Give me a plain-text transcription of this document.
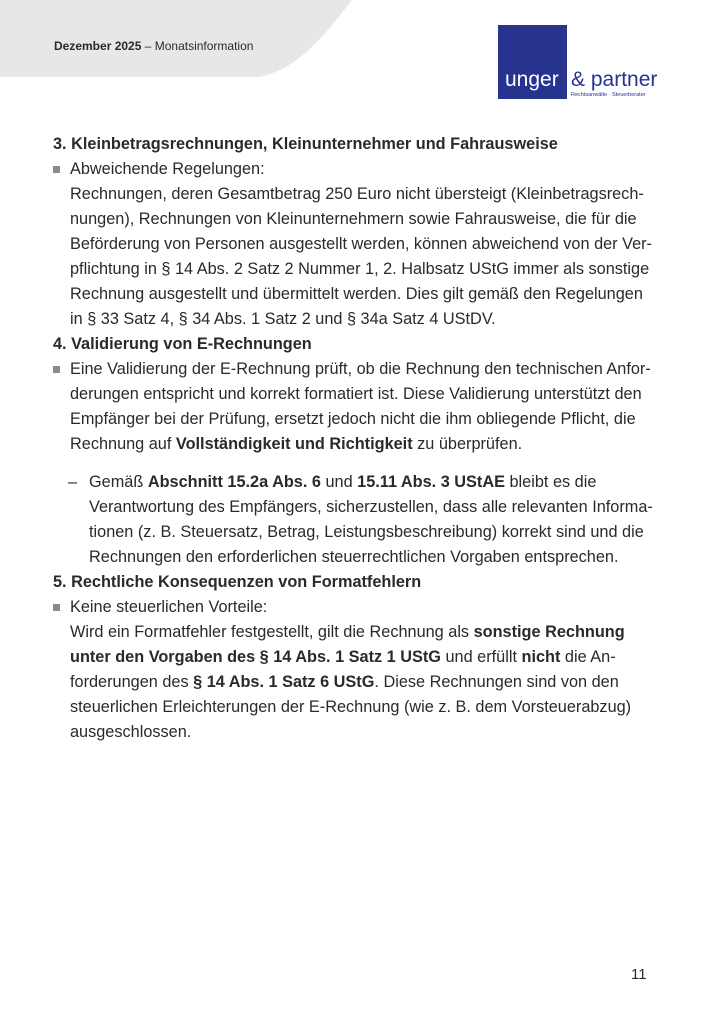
Dezember 2025 – Monatsinformation
unger & partner
Rechtsanwälte · Steuerberater
3. Kleinbetragsrechnungen, Kleinunternehmer und Fahrausweise

Abweichende Regelungen:

Rechnungen, deren Gesamtbetrag 250 Euro nicht übersteigt (Kleinbetragsrech-

nungen), Rechnungen von Kleinunternehmern sowie Fahrausweise, die für die

Beförderung von Personen ausgestellt werden, können abweichend von der Ver-

pflichtung in § 14 Abs. 2 Satz 2 Nummer 1, 2. Halbsatz UStG immer als sonstige

Rechnung ausgestellt und übermittelt werden. Dies gilt gemäß den Regelungen

in § 33 Satz 4, § 34 Abs. 1 Satz 2 und § 34a Satz 4 UStDV.

4. Validierung von E-Rechnungen

Eine Validierung der E-Rechnung prüft, ob die Rechnung den technischen Anfor-

derungen entspricht und korrekt formatiert ist. Diese Validierung unterstützt den

Empfänger bei der Prüfung, ersetzt jedoch nicht die ihm obliegende Pflicht, die

Rechnung auf Vollständigkeit und Richtigkeit zu überprüfen.

– Gemäß Abschnitt 15.2a Abs. 6 und 15.11 Abs. 3 UStAE bleibt es die

Verantwortung des Empfängers, sicherzustellen, dass alle relevanten Informa-

tionen (z. B. Steuersatz, Betrag, Leistungsbeschreibung) korrekt sind und die

Rechnungen den erforderlichen steuerrechtlichen Vorgaben entsprechen.

5. Rechtliche Konsequenzen von Formatfehlern

Keine steuerlichen Vorteile:

Wird ein Formatfehler festgestellt, gilt die Rechnung als sonstige Rechnung

unter den Vorgaben des § 14 Abs. 1 Satz 1 UStG und erfüllt nicht die An-

forderungen des § 14 Abs. 1 Satz 6 UStG. Diese Rechnungen sind von den

steuerlichen Erleichterungen der E-Rechnung (wie z. B. dem Vorsteuerabzug)

ausgeschlossen.

11
